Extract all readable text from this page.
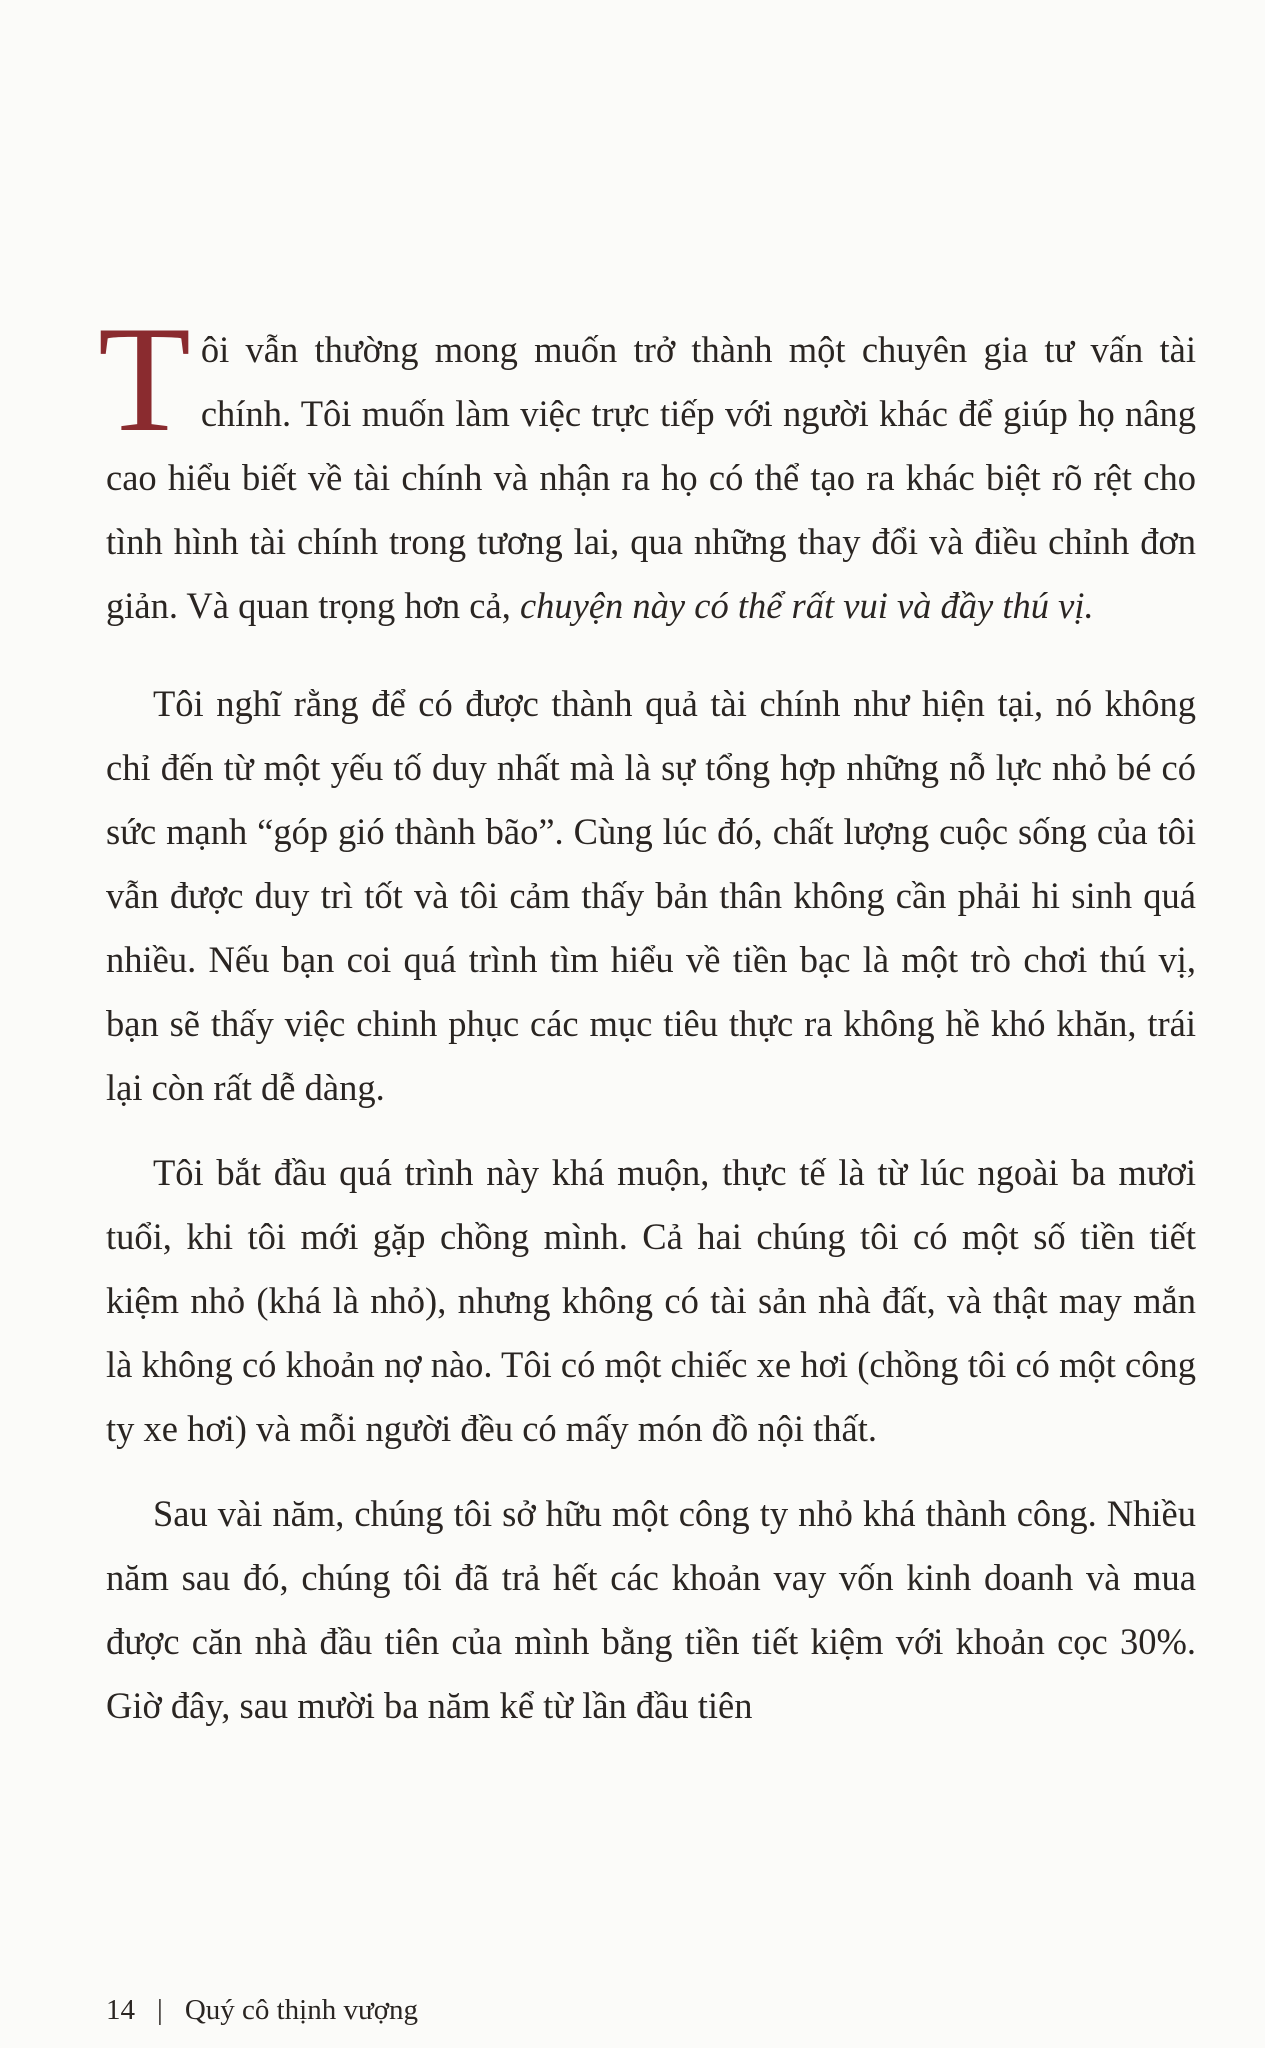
Tôi vẫn thường mong muốn trở thành một chuyên gia tư vấn tài chính. Tôi muốn làm việc trực tiếp với người khác để giúp họ nâng cao hiểu biết về tài chính và nhận ra họ có thể tạo ra khác biệt rõ rệt cho tình hình tài chính trong tương lai, qua những thay đổi và điều chỉnh đơn giản. Và quan trọng hơn cả, chuyện này có thể rất vui và đầy thú vị.

Tôi nghĩ rằng để có được thành quả tài chính như hiện tại, nó không chỉ đến từ một yếu tố duy nhất mà là sự tổng hợp những nỗ lực nhỏ bé có sức mạnh “góp gió thành bão”. Cùng lúc đó, chất lượng cuộc sống của tôi vẫn được duy trì tốt và tôi cảm thấy bản thân không cần phải hi sinh quá nhiều. Nếu bạn coi quá trình tìm hiểu về tiền bạc là một trò chơi thú vị, bạn sẽ thấy việc chinh phục các mục tiêu thực ra không hề khó khăn, trái lại còn rất dễ dàng.

Tôi bắt đầu quá trình này khá muộn, thực tế là từ lúc ngoài ba mươi tuổi, khi tôi mới gặp chồng mình. Cả hai chúng tôi có một số tiền tiết kiệm nhỏ (khá là nhỏ), nhưng không có tài sản nhà đất, và thật may mắn là không có khoản nợ nào. Tôi có một chiếc xe hơi (chồng tôi có một công ty xe hơi) và mỗi người đều có mấy món đồ nội thất.

Sau vài năm, chúng tôi sở hữu một công ty nhỏ khá thành công. Nhiều năm sau đó, chúng tôi đã trả hết các khoản vay vốn kinh doanh và mua được căn nhà đầu tiên của mình bằng tiền tiết kiệm với khoản cọc 30%. Giờ đây, sau mười ba năm kể từ lần đầu tiên

14 | Quý cô thịnh vượng
